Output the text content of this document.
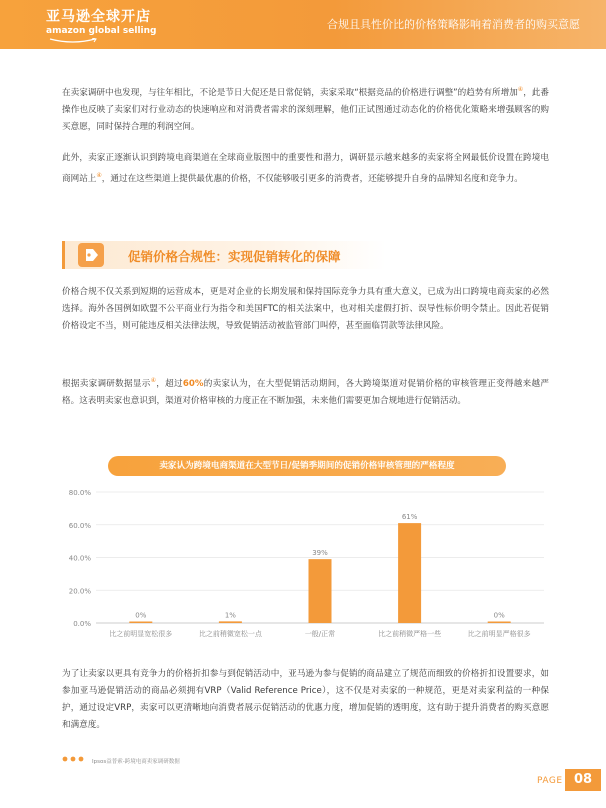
亚马逊全球开店
amazon global selling	合规且具性价比的价格策略影响着消费者的购买意愿

在卖家调研中也发现，与往年相比，不论是节日大促还是日常促销，卖家采取“根据竞品的价格进行调整”的趋势有所增加④，此番操作也反映了卖家们对行业动态的快速响应和对消费者需求的深刻理解，他们正试图通过动态化的价格优化策略来增强顾客的购买意愿，同时保持合理的利润空间。

此外，卖家正逐渐认识到跨境电商渠道在全球商业版图中的重要性和潜力，调研显示越来越多的卖家将全网最低价设置在跨境电商网站上④，通过在这些渠道上提供最优惠的价格，不仅能够吸引更多的消费者，还能够提升自身的品牌知名度和竞争力。

促销价格合规性：实现促销转化的保障

价格合规不仅关系到短期的运营成本，更是对企业的长期发展和保持国际竞争力具有重大意义，已成为出口跨境电商卖家的必然选择。海外各国例如欧盟不公平商业行为指令和美国FTC的相关法案中，也对相关虚假打折、误导性标价明令禁止。因此若促销价格设定不当，则可能违反相关法律法规，导致促销活动被监管部门叫停，甚至面临罚款等法律风险。

根据卖家调研数据显示④，超过60%的卖家认为，在大型促销活动期间，各大跨境渠道对促销价格的审核管理正变得越来越严格。这表明卖家也意识到，渠道对价格审核的力度正在不断加强，未来他们需要更加合规地进行促销活动。

卖家认为跨境电商渠道在大型节日/促销季期间的促销价格审核管理的严格程度
0.0%
20.0%
40.0%
60.0%
80.0%
0%
比之前明显宽松很多
1%
比之前稍微宽松一点
39%
一般/正常
61%
比之前稍微严格一些
0%
比之前明显严格很多

为了让卖家以更具有竞争力的价格折扣参与到促销活动中，亚马逊为参与促销的商品建立了规范而细致的价格折扣设置要求，如参加亚马逊促销活动的商品必须拥有VRP（Valid Reference Price），这不仅是对卖家的一种规范，更是对卖家利益的一种保护，通过设定VRP，卖家可以更清晰地向消费者展示促销活动的优惠力度，增加促销的透明度，这有助于提升消费者的购买意愿和满意度。

Ipsos益普索-跨境电商卖家调研数据
PAGE 08
